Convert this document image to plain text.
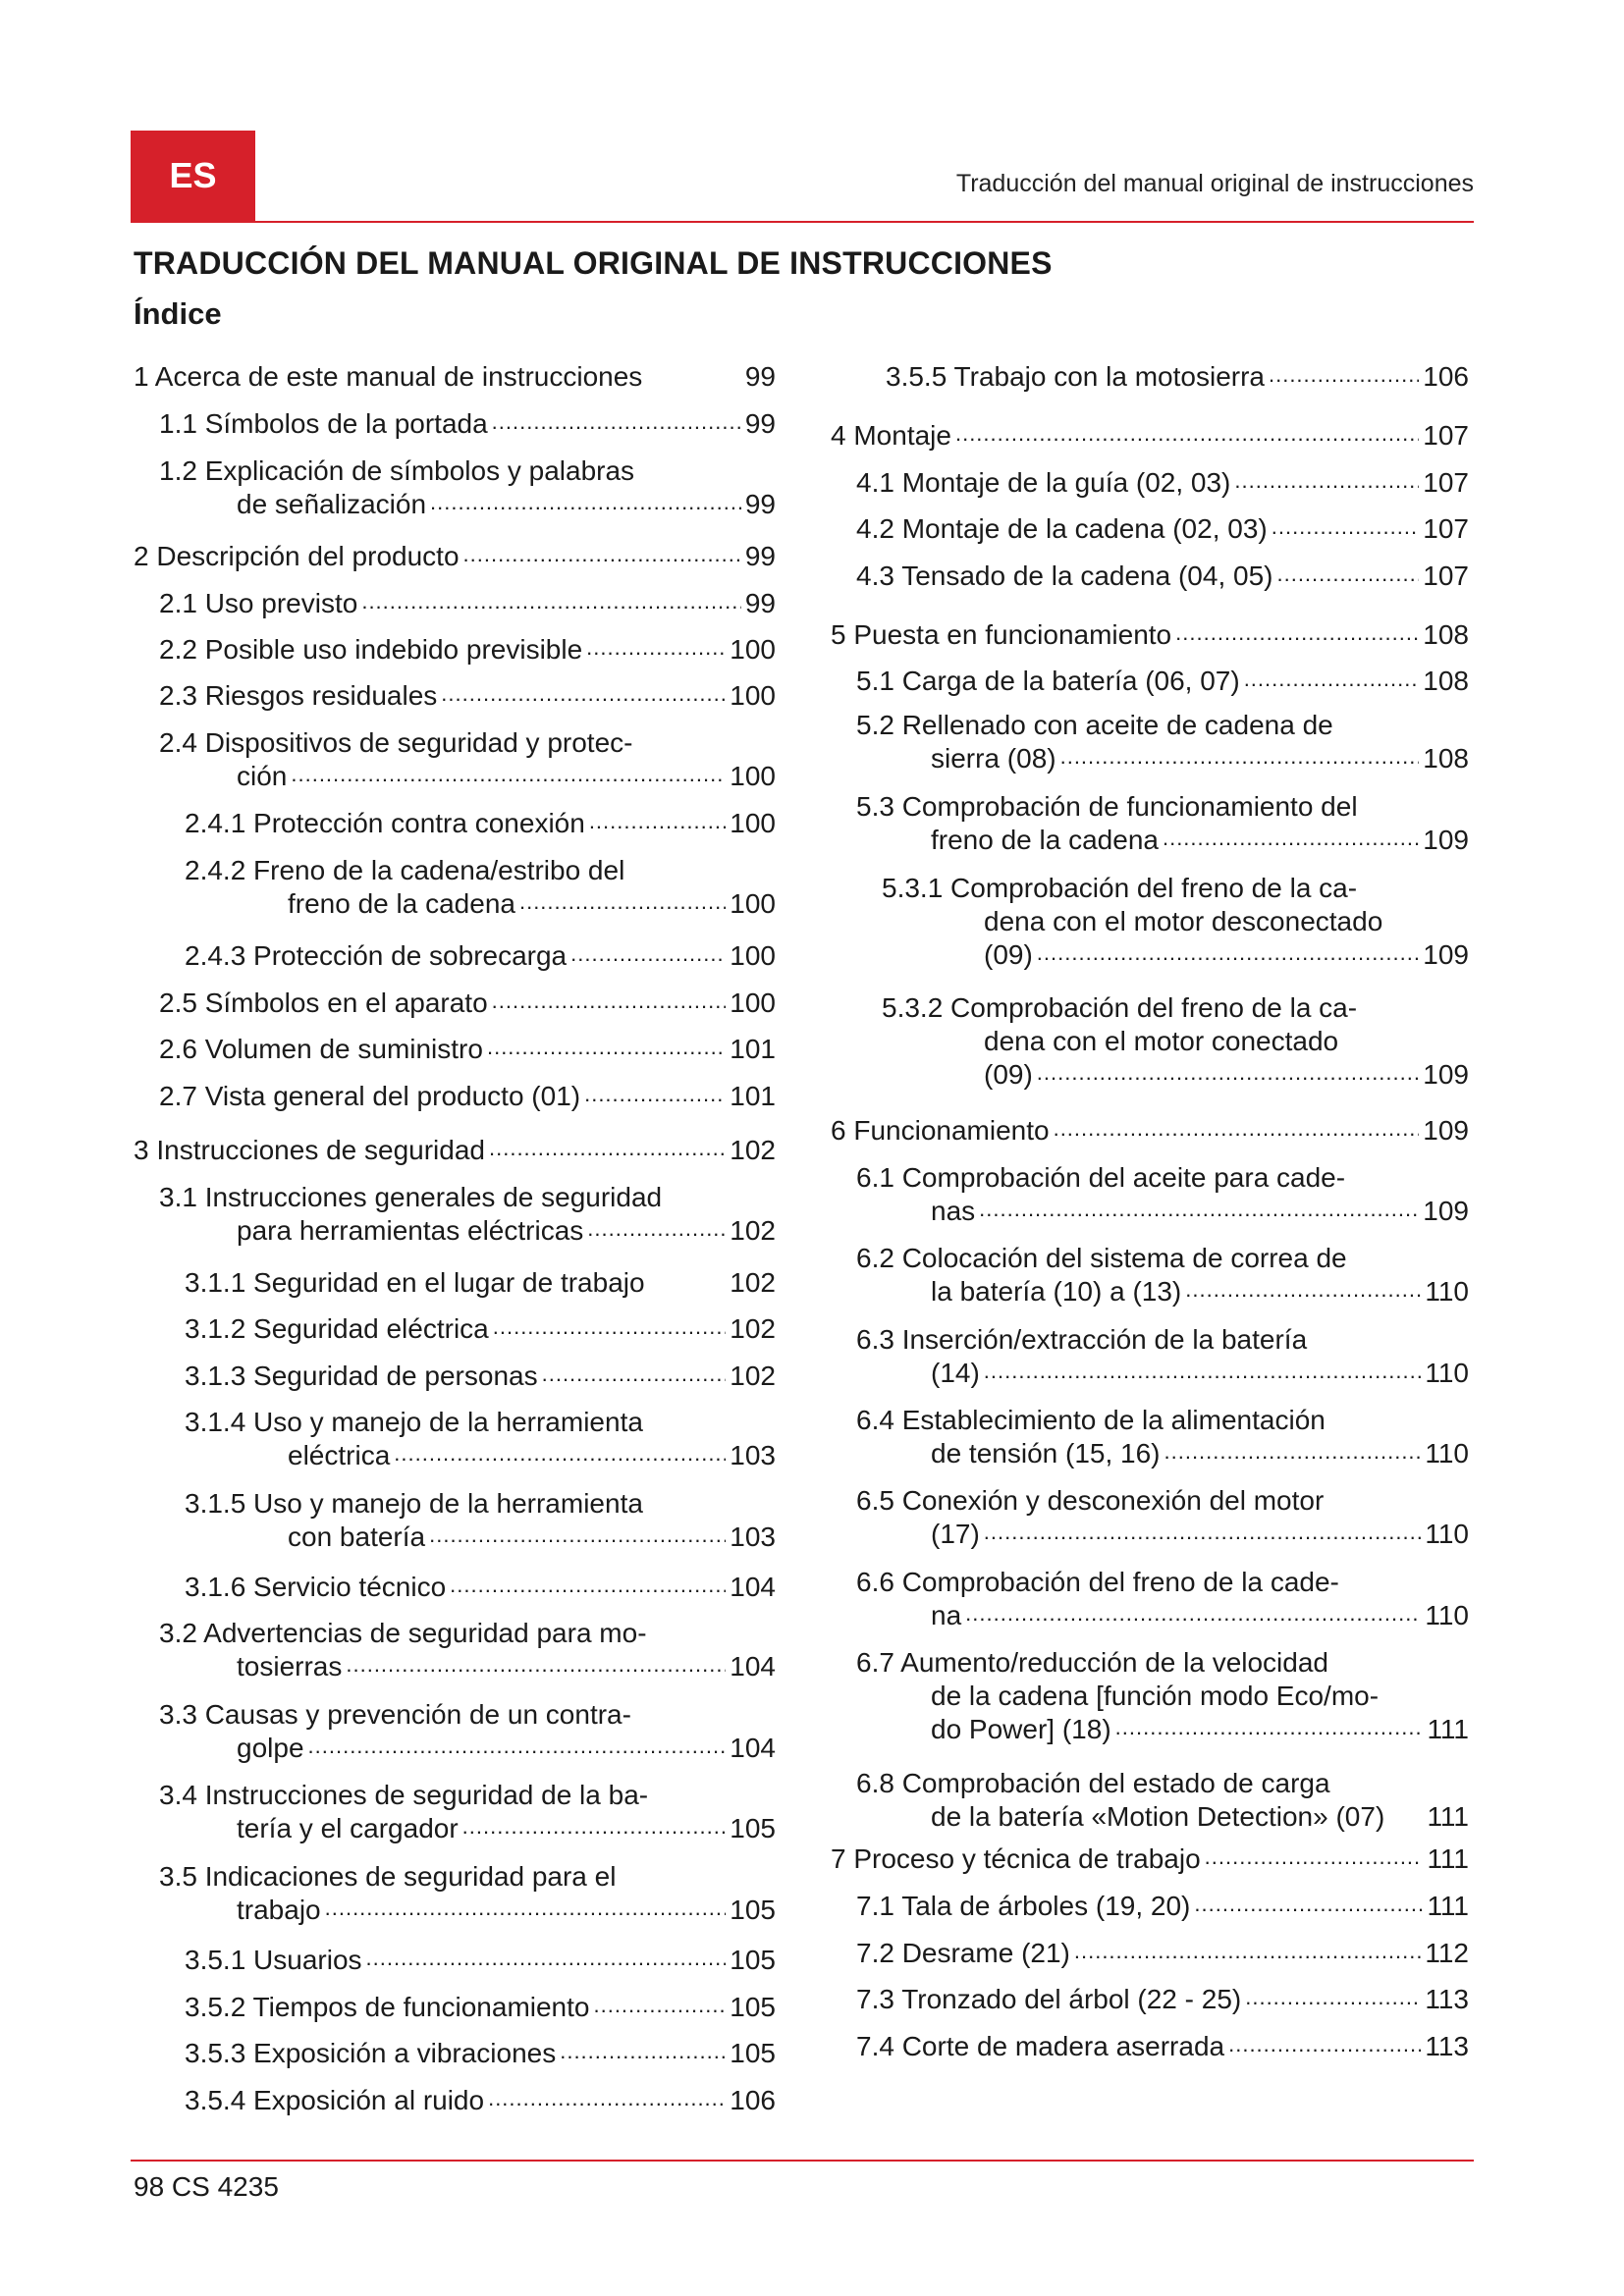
ES	Traducción del manual original de instrucciones
TRADUCCIÓN DEL MANUAL ORIGINAL DE INSTRUCCIONES
Índice
1 Acerca de este manual de instrucciones	99
1.1 Símbolos de la portada .....	99
1.2 Explicación de símbolos y palabras
de señalización .....	99
2 Descripción del producto .....	99
2.1 Uso previsto .....	99
2.2 Posible uso indebido previsible .....	100
2.3 Riesgos residuales .....	100
2.4 Dispositivos de seguridad y protec-
ción .....	100
2.4.1 Protección contra conexión .....	100
2.4.2 Freno de la cadena/estribo del
freno de la cadena .....	100
2.4.3 Protección de sobrecarga .....	100
2.5 Símbolos en el aparato .....	100
2.6 Volumen de suministro .....	101
2.7 Vista general del producto (01) .....	101
3 Instrucciones de seguridad .....	102
3.1 Instrucciones generales de seguridad
para herramientas eléctricas .....	102
3.1.1 Seguridad en el lugar de trabajo	102
3.1.2 Seguridad eléctrica .....	102
3.1.3 Seguridad de personas .....	102
3.1.4 Uso y manejo de la herramienta
eléctrica .....	103
3.1.5 Uso y manejo de la herramienta
con batería .....	103
3.1.6 Servicio técnico .....	104
3.2 Advertencias de seguridad para mo-
tosierras .....	104
3.3 Causas y prevención de un contra-
golpe .....	104
3.4 Instrucciones de seguridad de la ba-
tería y el cargador .....	105
3.5 Indicaciones de seguridad para el
trabajo .....	105
3.5.1 Usuarios .....	105
3.5.2 Tiempos de funcionamiento .....	105
3.5.3 Exposición a vibraciones .....	105
3.5.4 Exposición al ruido .....	106
3.5.5 Trabajo con la motosierra .....	106
4 Montaje .....	107
4.1 Montaje de la guía (02, 03) .....	107
4.2 Montaje de la cadena (02, 03) .....	107
4.3 Tensado de la cadena (04, 05) .....	107
5 Puesta en funcionamiento .....	108
5.1 Carga de la batería (06, 07) .....	108
5.2 Rellenado con aceite de cadena de
sierra (08) .....	108
5.3 Comprobación de funcionamiento del
freno de la cadena .....	109
5.3.1 Comprobación del freno de la ca-
dena con el motor desconectado
(09) .....	109
5.3.2 Comprobación del freno de la ca-
dena con el motor conectado
(09) .....	109
6 Funcionamiento .....	109
6.1 Comprobación del aceite para cade-
nas .....	109
6.2 Colocación del sistema de correa de
la batería (10) a (13) .....	110
6.3 Inserción/extracción de la batería
(14) .....	110
6.4 Establecimiento de la alimentación
de tensión (15, 16) .....	110
6.5 Conexión y desconexión del motor
(17) .....	110
6.6 Comprobación del freno de la cade-
na .....	110
6.7 Aumento/reducción de la velocidad
de la cadena [función modo Eco/mo-
do Power] (18) .....	111
6.8 Comprobación del estado de carga
de la batería «Motion Detection» (07) 111
7 Proceso y técnica de trabajo .....	111
7.1 Tala de árboles (19, 20) .....	111
7.2 Desrame (21) .....	112
7.3 Tronzado del árbol (22 - 25) .....	113
7.4 Corte de madera aserrada .....	113
98 CS 4235
